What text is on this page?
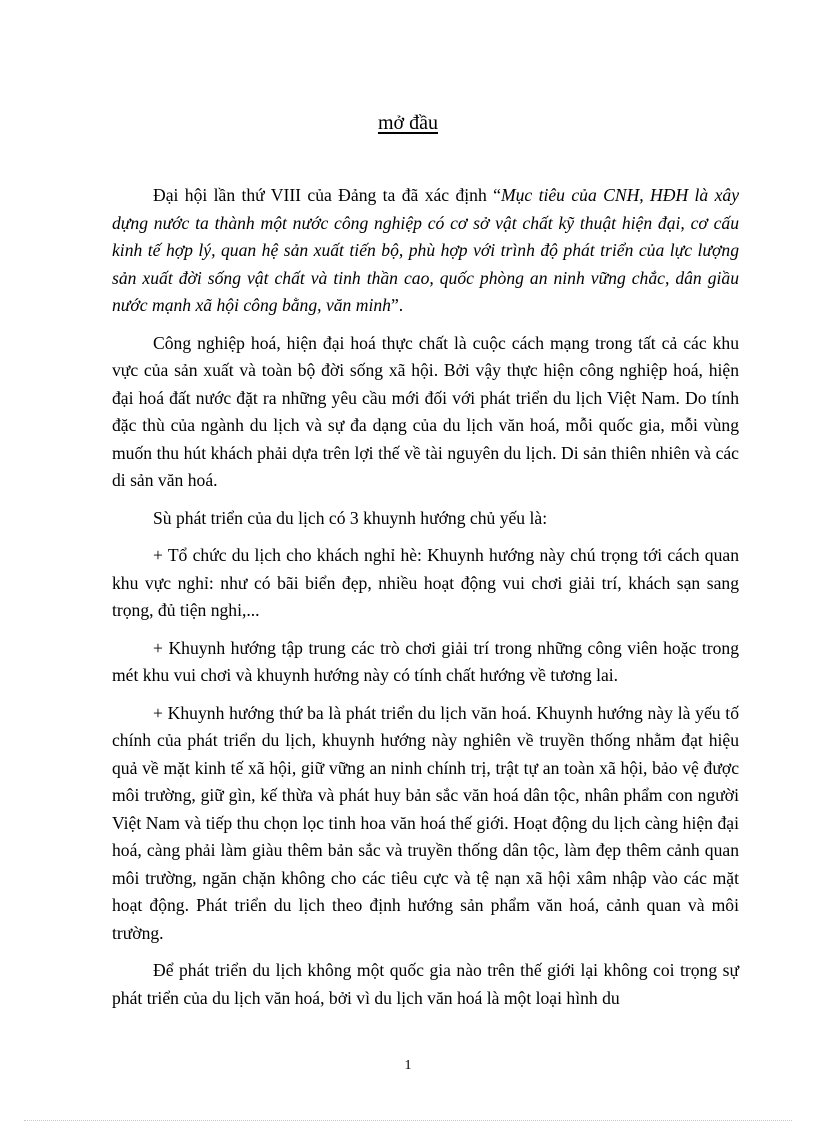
mở đầu

Đại hội lần thứ VIII của Đảng ta đã xác định “Mục tiêu của CNH, HĐH là xây dựng nước ta thành một nước công nghiệp có cơ sở vật chất kỹ thuật hiện đại, cơ cấu kinh tế hợp lý, quan hệ sản xuất tiến bộ, phù hợp với trình độ phát triển của lực lượng sản xuất đời sống vật chất và tinh thần cao, quốc phòng an ninh vững chắc, dân giầu nước mạnh xã hội công bằng, văn minh”.

Công nghiệp hoá, hiện đại hoá thực chất là cuộc cách mạng trong tất cả các khu vực của sản xuất và toàn bộ đời sống xã hội. Bởi vậy thực hiện công nghiệp hoá, hiện đại hoá đất nước đặt ra những yêu cầu mới đối với phát triển du lịch Việt Nam. Do tính đặc thù của ngành du lịch và sự đa dạng của du lịch văn hoá, mỗi quốc gia, mỗi vùng muốn thu hút khách phải dựa trên lợi thế về tài nguyên du lịch. Di sản thiên nhiên và các di sản văn hoá.

Sù phát triển của du lịch có 3 khuynh hướng chủ yếu là:

+ Tổ chức du lịch cho khách nghỉ hè: Khuynh hướng này chú trọng tới cách quan khu vực nghỉ: như có bãi biển đẹp, nhiều hoạt động vui chơi giải trí, khách sạn sang trọng, đủ tiện nghi,...

+ Khuynh hướng tập trung các trò chơi giải trí trong những công viên hoặc trong mét khu vui chơi và khuynh hướng này có tính chất hướng về tương lai.

+ Khuynh hướng thứ ba là phát triển du lịch văn hoá. Khuynh hướng này là yếu tố chính của phát triển du lịch, khuynh hướng này nghiên về truyền thống nhằm đạt hiệu quả về mặt kinh tế xã hội, giữ vững an ninh chính trị, trật tự an toàn xã hội, bảo vệ được môi trường, giữ gìn, kế thừa và phát huy bản sắc văn hoá dân tộc, nhân phẩm con người Việt Nam và tiếp thu chọn lọc tinh hoa văn hoá thế giới. Hoạt động du lịch càng hiện đại hoá, càng phải làm giàu thêm bản sắc và truyền thống dân tộc, làm đẹp thêm cảnh quan môi trường, ngăn chặn không cho các tiêu cực và tệ nạn xã hội xâm nhập vào các mặt hoạt động. Phát triển du lịch theo định hướng sản phẩm văn hoá, cảnh quan và môi trường.

Để phát triển du lịch không một quốc gia nào trên thế giới lại không coi trọng sự phát triển của du lịch văn hoá, bởi vì du lịch văn hoá là một loại hình du

1
